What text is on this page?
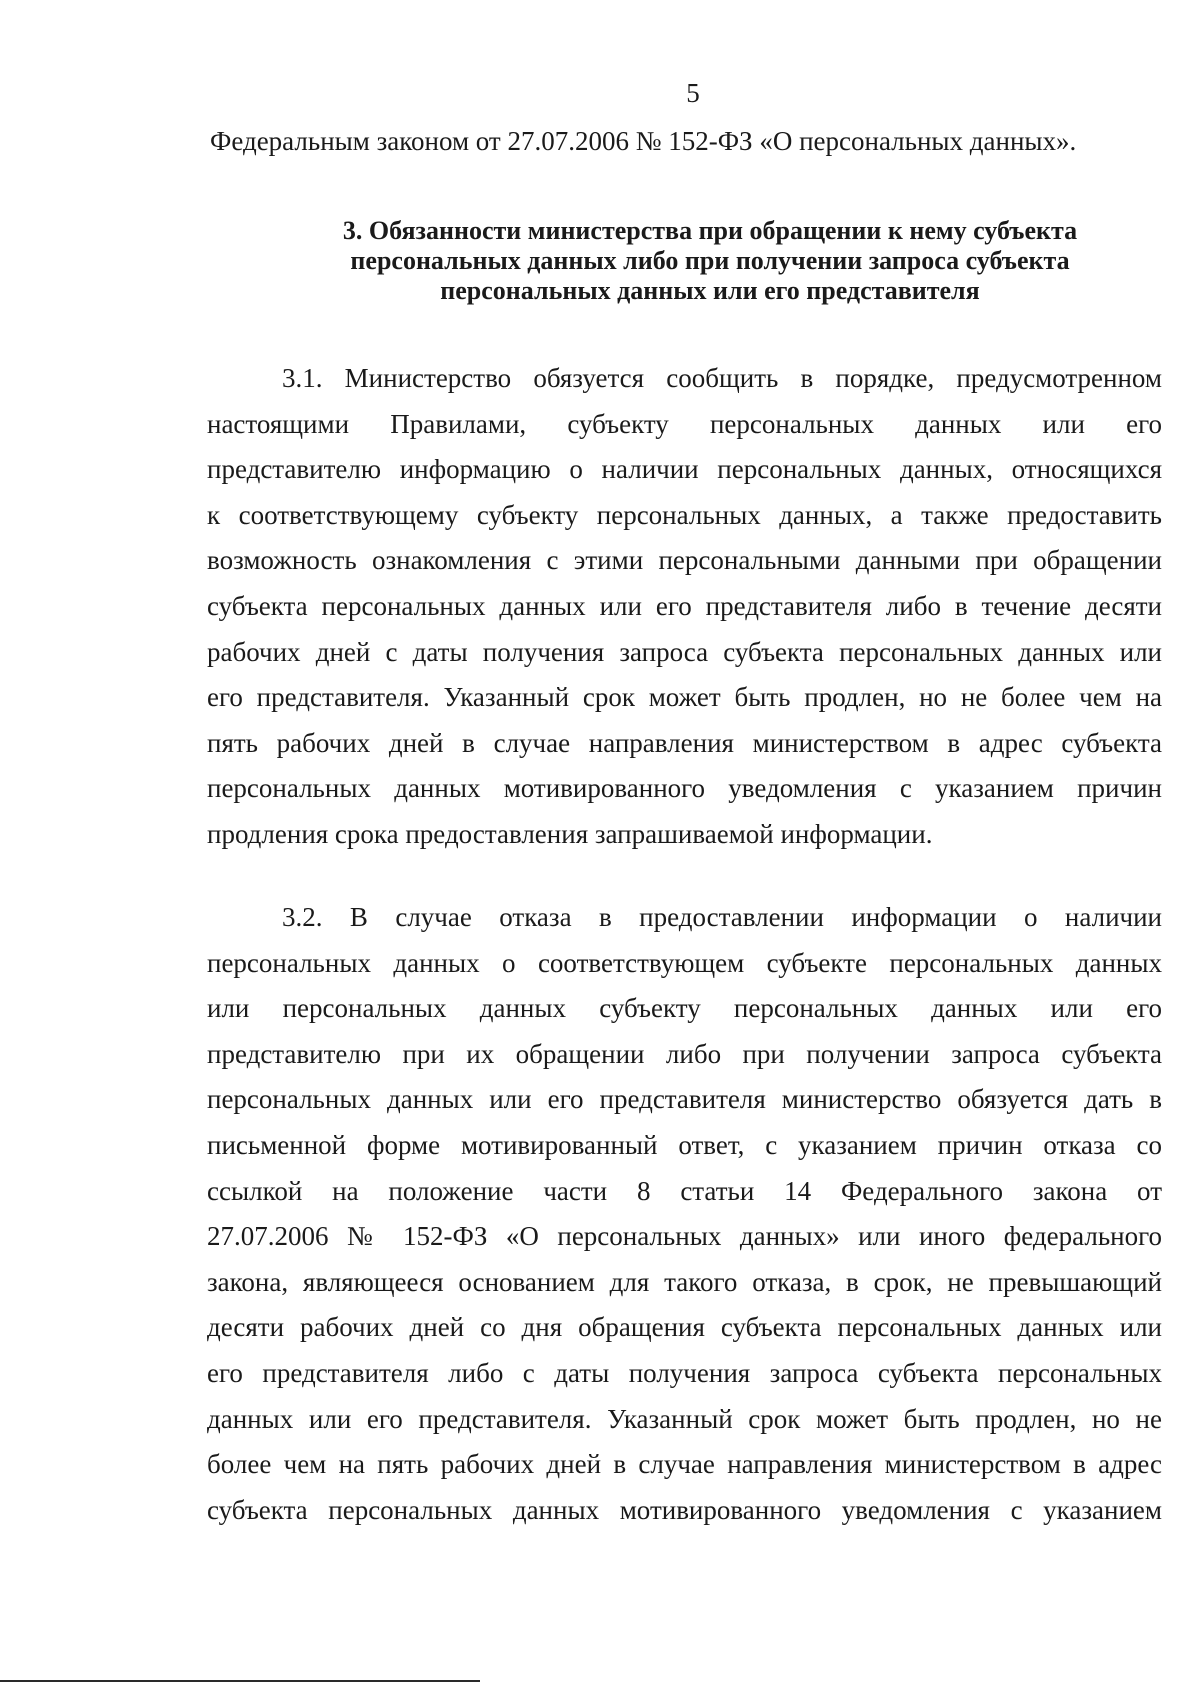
5
Федеральным законом от 27.07.2006 № 152-ФЗ «О персональных данных».
3. Обязанности министерства при обращении к нему субъекта
персональных данных либо при получении запроса субъекта
персональных данных или его представителя
3.1. Министерство обязуется сообщить в порядке, предусмотренном
настоящими Правилами, субъекту персональных данных или его
представителю информацию о наличии персональных данных, относящихся
к соответствующему субъекту персональных данных, а также предоставить
возможность ознакомления с этими персональными данными при обращении
субъекта персональных данных или его представителя либо в течение десяти
рабочих дней с даты получения запроса субъекта персональных данных или
его представителя. Указанный срок может быть продлен, но не более чем на
пять рабочих дней в случае направления министерством в адрес субъекта
персональных данных мотивированного уведомления с указанием причин
продления срока предоставления запрашиваемой информации.
3.2. В случае отказа в предоставлении информации о наличии
персональных данных о соответствующем субъекте персональных данных
или персональных данных субъекту персональных данных или его
представителю при их обращении либо при получении запроса субъекта
персональных данных или его представителя министерство обязуется дать в
письменной форме мотивированный ответ, с указанием причин отказа со
ссылкой на положение части 8 статьи 14 Федерального закона от
27.07.2006 № 152-ФЗ «О персональных данных» или иного федерального
закона, являющееся основанием для такого отказа, в срок, не превышающий
десяти рабочих дней со дня обращения субъекта персональных данных или
его представителя либо с даты получения запроса субъекта персональных
данных или его представителя. Указанный срок может быть продлен, но не
более чем на пять рабочих дней в случае направления министерством в адрес
субъекта персональных данных мотивированного уведомления с указанием
